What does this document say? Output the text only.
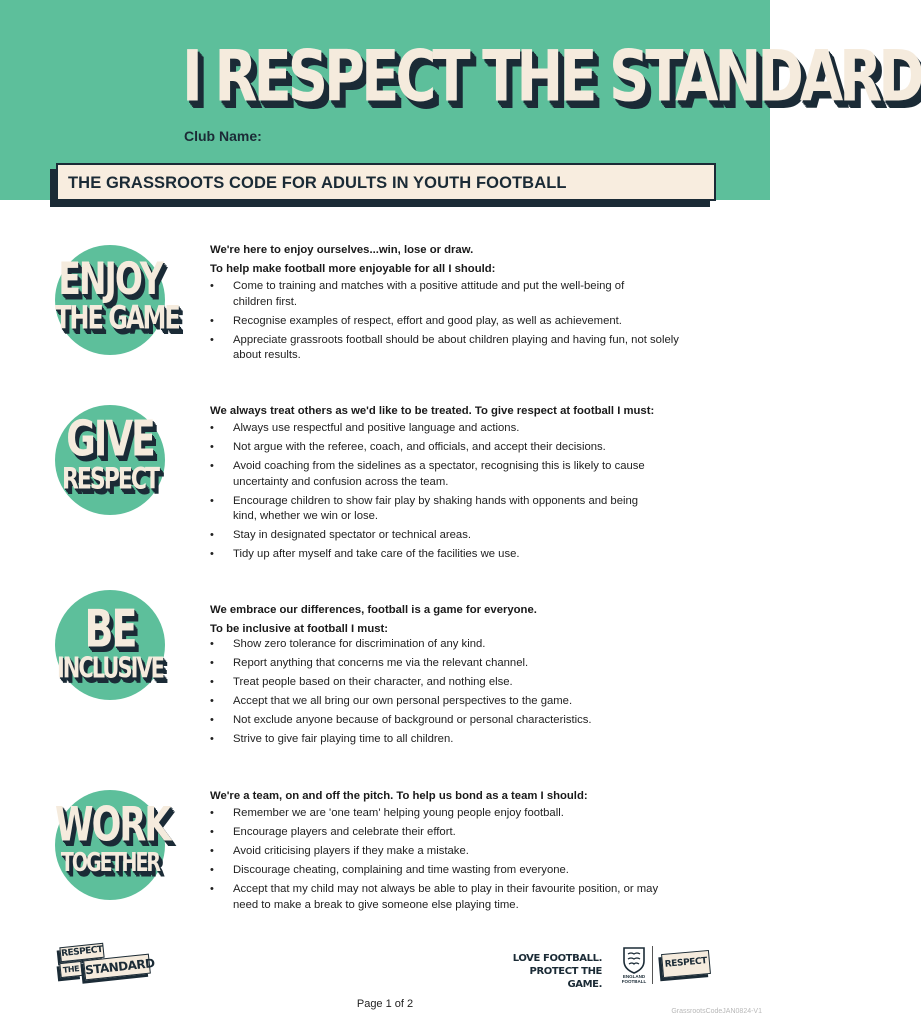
I RESPECT THE STANDARD
Club Name:
THE GRASSROOTS CODE FOR ADULTS IN YOUTH FOOTBALL
ENJOY
THE GAME

We're here to enjoy ourselves...win, lose or draw.

To help make football more enjoyable for all I should:

• Come to training and matches with a positive attitude and put the well-being of children first.
• Recognise examples of respect, effort and good play, as well as achievement.
• Appreciate grassroots football should be about children playing and having fun, not solely about results.
GIVE
RESPECT

We always treat others as we'd like to be treated. To give respect at football I must:

• Always use respectful and positive language and actions.
• Not argue with the referee, coach, and officials, and accept their decisions.
• Avoid coaching from the sidelines as a spectator, recognising this is likely to cause uncertainty and confusion across the team.
• Encourage children to show fair play by shaking hands with opponents and being kind, whether we win or lose.
• Stay in designated spectator or technical areas.
• Tidy up after myself and take care of the facilities we use.
BE
INCLUSIVE

We embrace our differences, football is a game for everyone.

To be inclusive at football I must:

• Show zero tolerance for discrimination of any kind.
• Report anything that concerns me via the relevant channel.
• Treat people based on their character, and nothing else.
• Accept that we all bring our own personal perspectives to the game.
• Not exclude anyone because of background or personal characteristics.
• Strive to give fair playing time to all children.
WORK
TOGETHER

We're a team, on and off the pitch. To help us bond as a team I should:

• Remember we are 'one team' helping young people enjoy football.
• Encourage players and celebrate their effort.
• Avoid criticising players if they make a mistake.
• Discourage cheating, complaining and time wasting from everyone.
• Accept that my child may not always be able to play in their favourite position, or may need to make a break to give someone else playing time.
RESPECT
THE STANDARD	LOVE FOOTBALL.
PROTECT THE GAME.
ENGLAND FOOTBALL
RESPECT
Page 1 of 2
GrassrootsCodeJAN0824-V1
